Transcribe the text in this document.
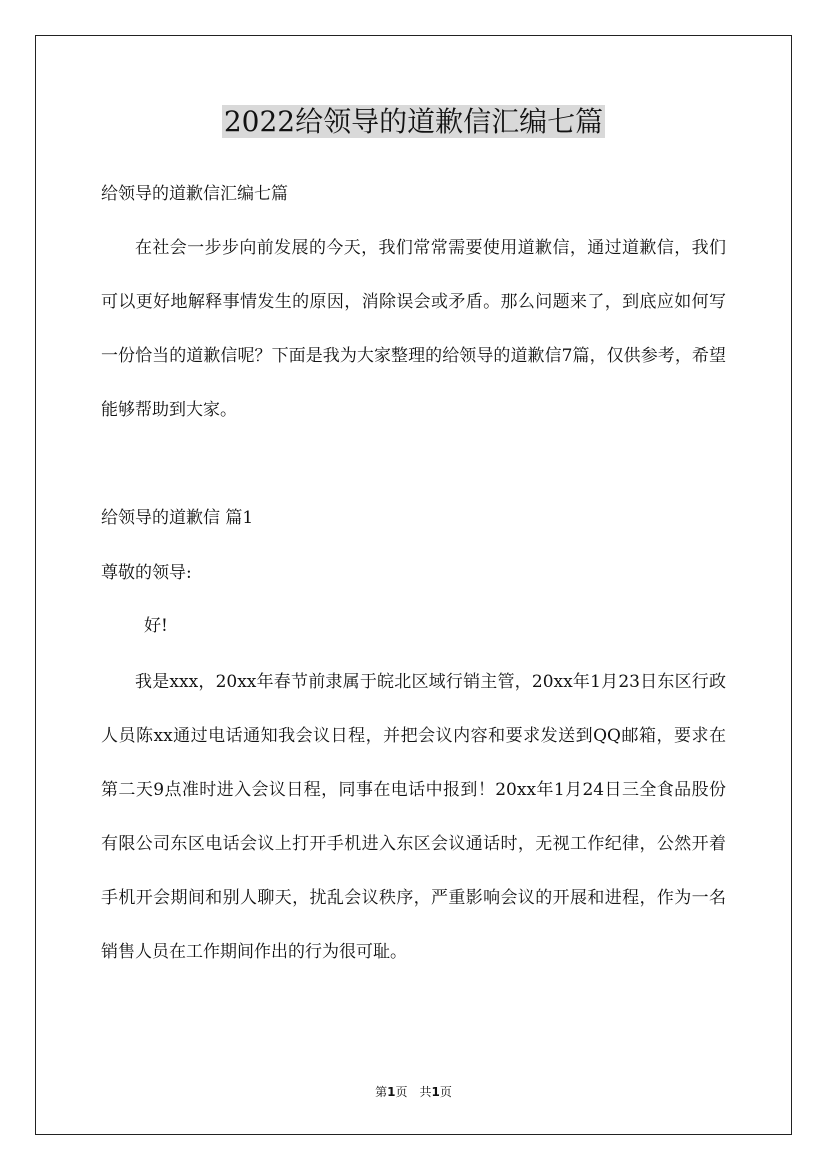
2022给领导的道歉信汇编七篇
给领导的道歉信汇编七篇
在社会一步步向前发展的今天，我们常常需要使用道歉信，通过道歉信，我们可以更好地解释事情发生的原因，消除误会或矛盾。那么问题来了，到底应如何写一份恰当的道歉信呢？下面是我为大家整理的给领导的道歉信7篇，仅供参考，希望能够帮助到大家。
给领导的道歉信 篇1
尊敬的领导:
好!
我是xxx，20xx年春节前隶属于皖北区域行销主管，20xx年1月23日东区行政人员陈xx通过电话通知我会议日程，并把会议内容和要求发送到QQ邮箱，要求在第二天9点准时进入会议日程，同事在电话中报到！20xx年1月24日三全食品股份有限公司东区电话会议上打开手机进入东区会议通话时，无视工作纪律，公然开着手机开会期间和别人聊天，扰乱会议秩序，严重影响会议的开展和进程，作为一名销售人员在工作期间作出的行为很可耻。
第1页　共1页
